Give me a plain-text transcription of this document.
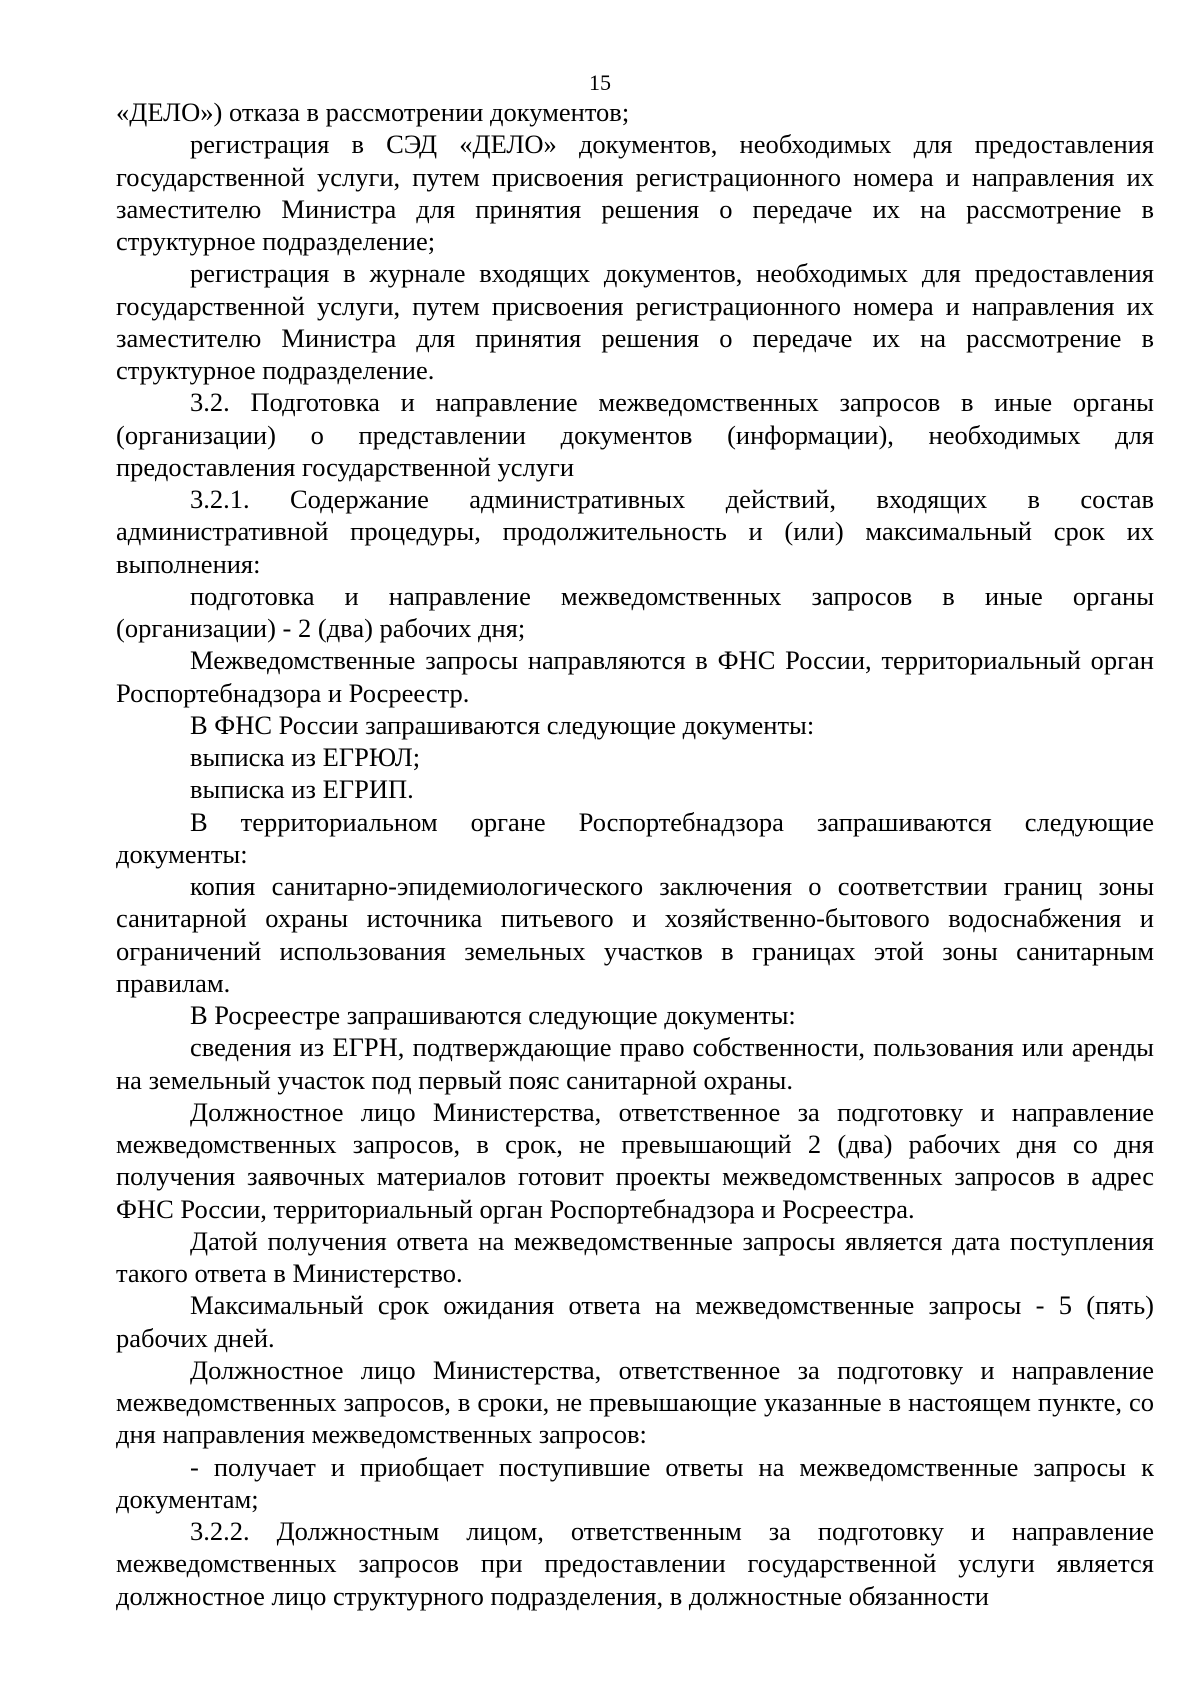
15

«ДЕЛО») отказа в рассмотрении документов;

регистрация в СЭД «ДЕЛО» документов, необходимых для предоставления государственной услуги, путем присвоения регистрационного номера и направления их заместителю Министра для принятия решения о передаче их на рассмотрение в структурное подразделение;

регистрация в журнале входящих документов, необходимых для предоставления государственной услуги, путем присвоения регистрационного номера и направления их заместителю Министра для принятия решения о передаче их на рассмотрение в структурное подразделение.

3.2. Подготовка и направление межведомственных запросов в иные органы (организации) о представлении документов (информации), необходимых для предоставления государственной услуги

3.2.1. Содержание административных действий, входящих в состав административной процедуры, продолжительность и (или) максимальный срок их выполнения:

подготовка и направление межведомственных запросов в иные органы (организации) - 2 (два) рабочих дня;

Межведомственные запросы направляются в ФНС России, территориальный орган Роспортебнадзора и Росреестр.

В ФНС России запрашиваются следующие документы:

выписка из ЕГРЮЛ;

выписка из ЕГРИП.

В территориальном органе Роспортебнадзора запрашиваются следующие документы:

копия санитарно-эпидемиологического заключения о соответствии границ зоны санитарной охраны источника питьевого и хозяйственно-бытового водоснабжения и ограничений использования земельных участков в границах этой зоны санитарным правилам.

В Росреестре запрашиваются следующие документы:

сведения из ЕГРН, подтверждающие право собственности, пользования или аренды на земельный участок под первый пояс санитарной охраны.

Должностное лицо Министерства, ответственное за подготовку и направление межведомственных запросов, в срок, не превышающий 2 (два) рабочих дня со дня получения заявочных материалов готовит проекты межведомственных запросов в адрес ФНС России, территориальный орган Роспортебнадзора и Росреестра.

Датой получения ответа на межведомственные запросы является дата поступления такого ответа в Министерство.

Максимальный срок ожидания ответа на межведомственные запросы - 5 (пять) рабочих дней.

Должностное лицо Министерства, ответственное за подготовку и направление межведомственных запросов, в сроки, не превышающие указанные в настоящем пункте, со дня направления межведомственных запросов:

- получает и приобщает поступившие ответы на межведомственные запросы к документам;

3.2.2. Должностным лицом, ответственным за подготовку и направление межведомственных запросов при предоставлении государственной услуги является должностное лицо структурного подразделения, в должностные обязанности
